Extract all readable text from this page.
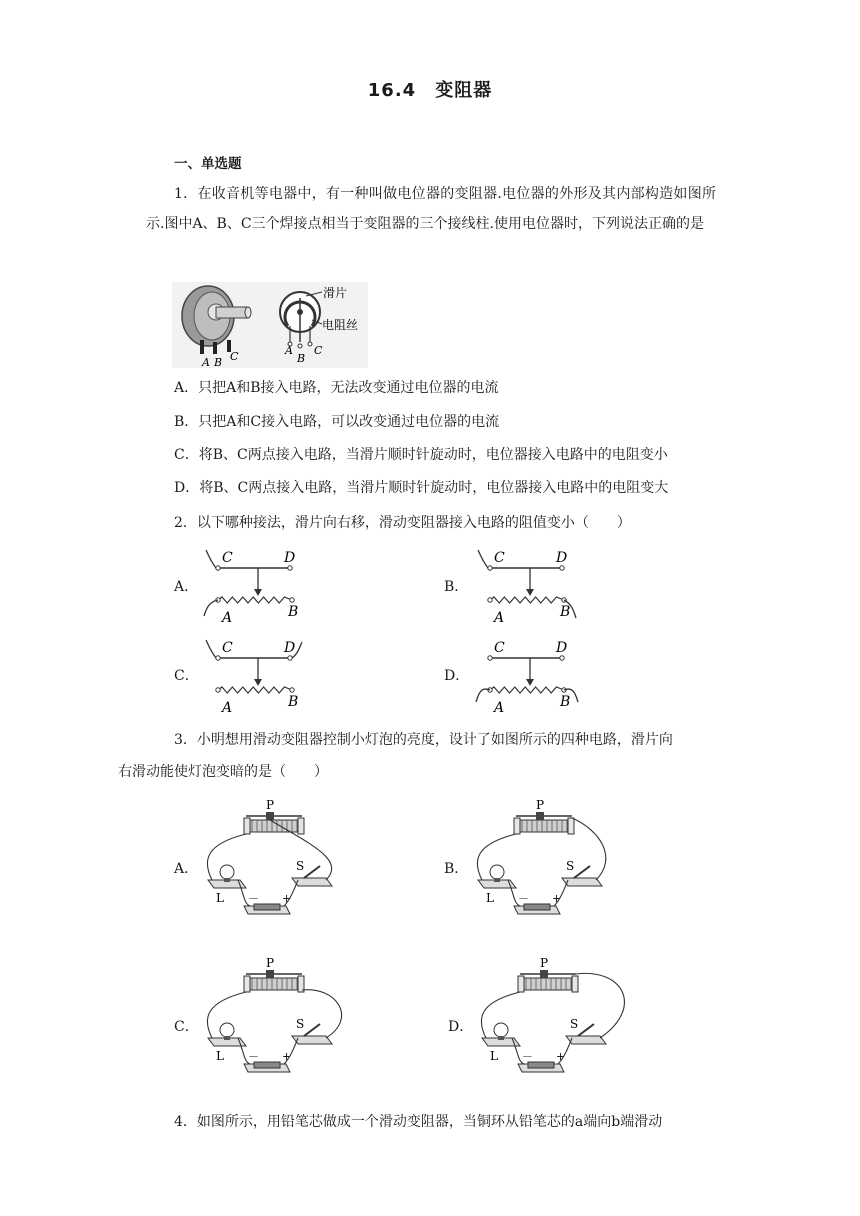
16.4　变阻器
一、单选题
1．在收音机等电器中，有一种叫做电位器的变阻器.电位器的外形及其内部构造如图所示.图中A、B、C三个焊接点相当于变阻器的三个接线柱.使用电位器时，下列说法正确的是
滑片
电阻丝
A
B
C
A B C
A．只把A和B接入电路，无法改变通过电位器的电流
B．只把A和C接入电路，可以改变通过电位器的电流
C．将B、C两点接入电路，当滑片顺时针旋动时，电位器接入电路中的电阻变小
D．将B、C两点接入电路，当滑片顺时针旋动时，电位器接入电路中的电阻变大
2．以下哪种接法，滑片向右移，滑动变阻器接入电路的阻值变小（　　）
A．	B．
C．	D．
C	D
A	B
C	D
A	B
C	D
A	B
C	D
A	B
3．小明想用滑动变阻器控制小灯泡的亮度，设计了如图所示的四种电路，滑片向
右滑动能使灯泡变暗的是（　　）
A．	B．
C．	D．
P
L
S
－ +
P
L
S
－ +
P
L
S
－ +
P
L
S
－ +
4．如图所示，用铅笔芯做成一个滑动变阻器，当铜环从铅笔芯的a端向b端滑动
